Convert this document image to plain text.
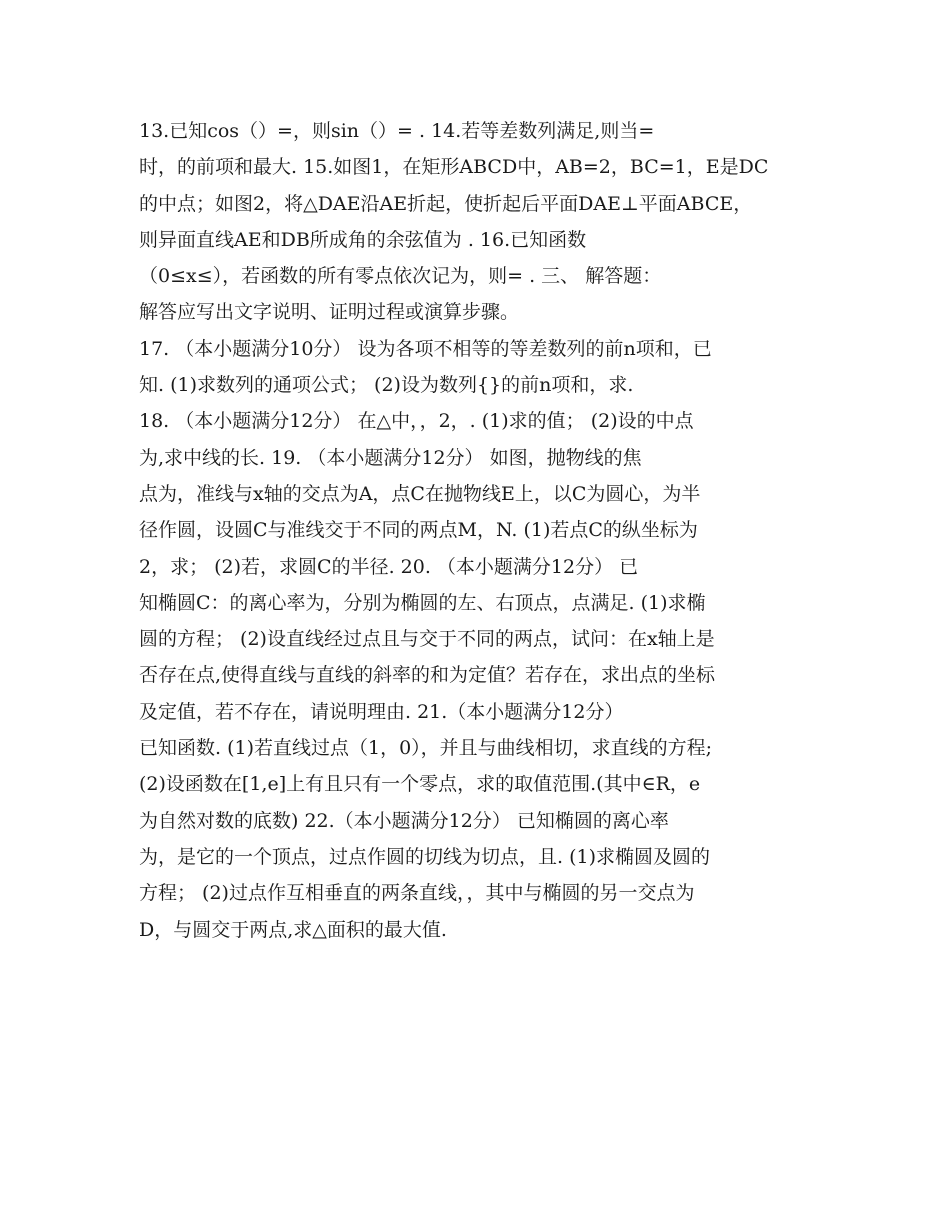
13.已知cos（）=，则sin（）= . 14.若等差数列满足,则当=
时，的前项和最大. 15.如图1，在矩形ABCD中，AB=2，BC=1，E是DC
的中点；如图2，将△DAE沿AE折起，使折起后平面DAE⊥平面ABCE，
则异面直线AE和DB所成角的余弦值为 . 16.已知函数
（0≤x≤），若函数的所有零点依次记为，则= . 三、 解答题：
解答应写出文字说明、证明过程或演算步骤。
17. （本小题满分10分） 设为各项不相等的等差数列的前n项和，已
知. (1)求数列的通项公式； (2)设为数列{}的前n项和，求.
18. （本小题满分12分） 在△中，，2，. (1)求的值； (2)设的中点
为,求中线的长. 19. （本小题满分12分） 如图，抛物线的焦
点为，准线与x轴的交点为A，点C在抛物线E上，以C为圆心，为半
径作圆，设圆C与准线交于不同的两点M，N. (1)若点C的纵坐标为
2，求； (2)若，求圆C的半径. 20. （本小题满分12分） 已
知椭圆C：的离心率为，分别为椭圆的左、右顶点，点满足. (1)求椭
圆的方程； (2)设直线经过点且与交于不同的两点，试问：在x轴上是
否存在点,使得直线与直线的斜率的和为定值？若存在，求出点的坐标
及定值，若不存在，请说明理由. 21.（本小题满分12分）
已知函数. (1)若直线过点（1，0），并且与曲线相切，求直线的方程;
(2)设函数在[1,e]上有且只有一个零点，求的取值范围.(其中∈R，e
为自然对数的底数) 22.（本小题满分12分） 已知椭圆的离心率
为，是它的一个顶点，过点作圆的切线为切点，且. (1)求椭圆及圆的
方程； (2)过点作互相垂直的两条直线，，其中与椭圆的另一交点为
D，与圆交于两点,求△面积的最大值.
